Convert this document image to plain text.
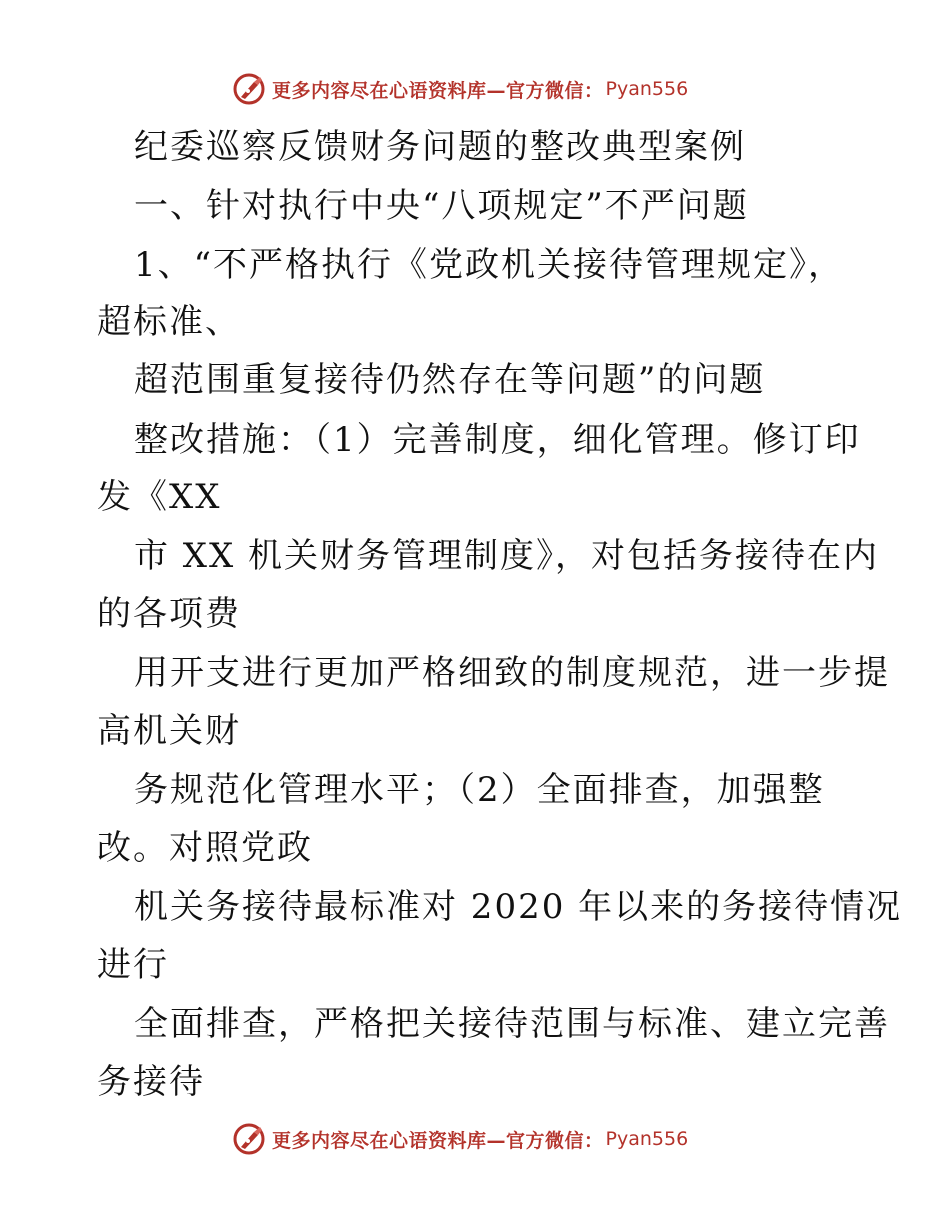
更多内容尽在心语资料库—官方微信： Pyan556
纪委巡察反馈财务问题的整改典型案例
一、针对执行中央“八项规定”不严问题
1、“不严格执行《党政机关接待管理规定》，
超标准、
超范围重复接待仍然存在等问题”的问题
整改措施：（1）完善制度，细化管理。修订印
发《XX
市 XX 机关财务管理制度》，对包括务接待在内
的各项费
用开支进行更加严格细致的制度规范，进一步提
高机关财
务规范化管理水平；（2）全面排查，加强整
改。对照党政
机关务接待最标准对 2020 年以来的务接待情况
进行
全面排查，严格把关接待范围与标准、建立完善
务接待
更多内容尽在心语资料库—官方微信： Pyan556
